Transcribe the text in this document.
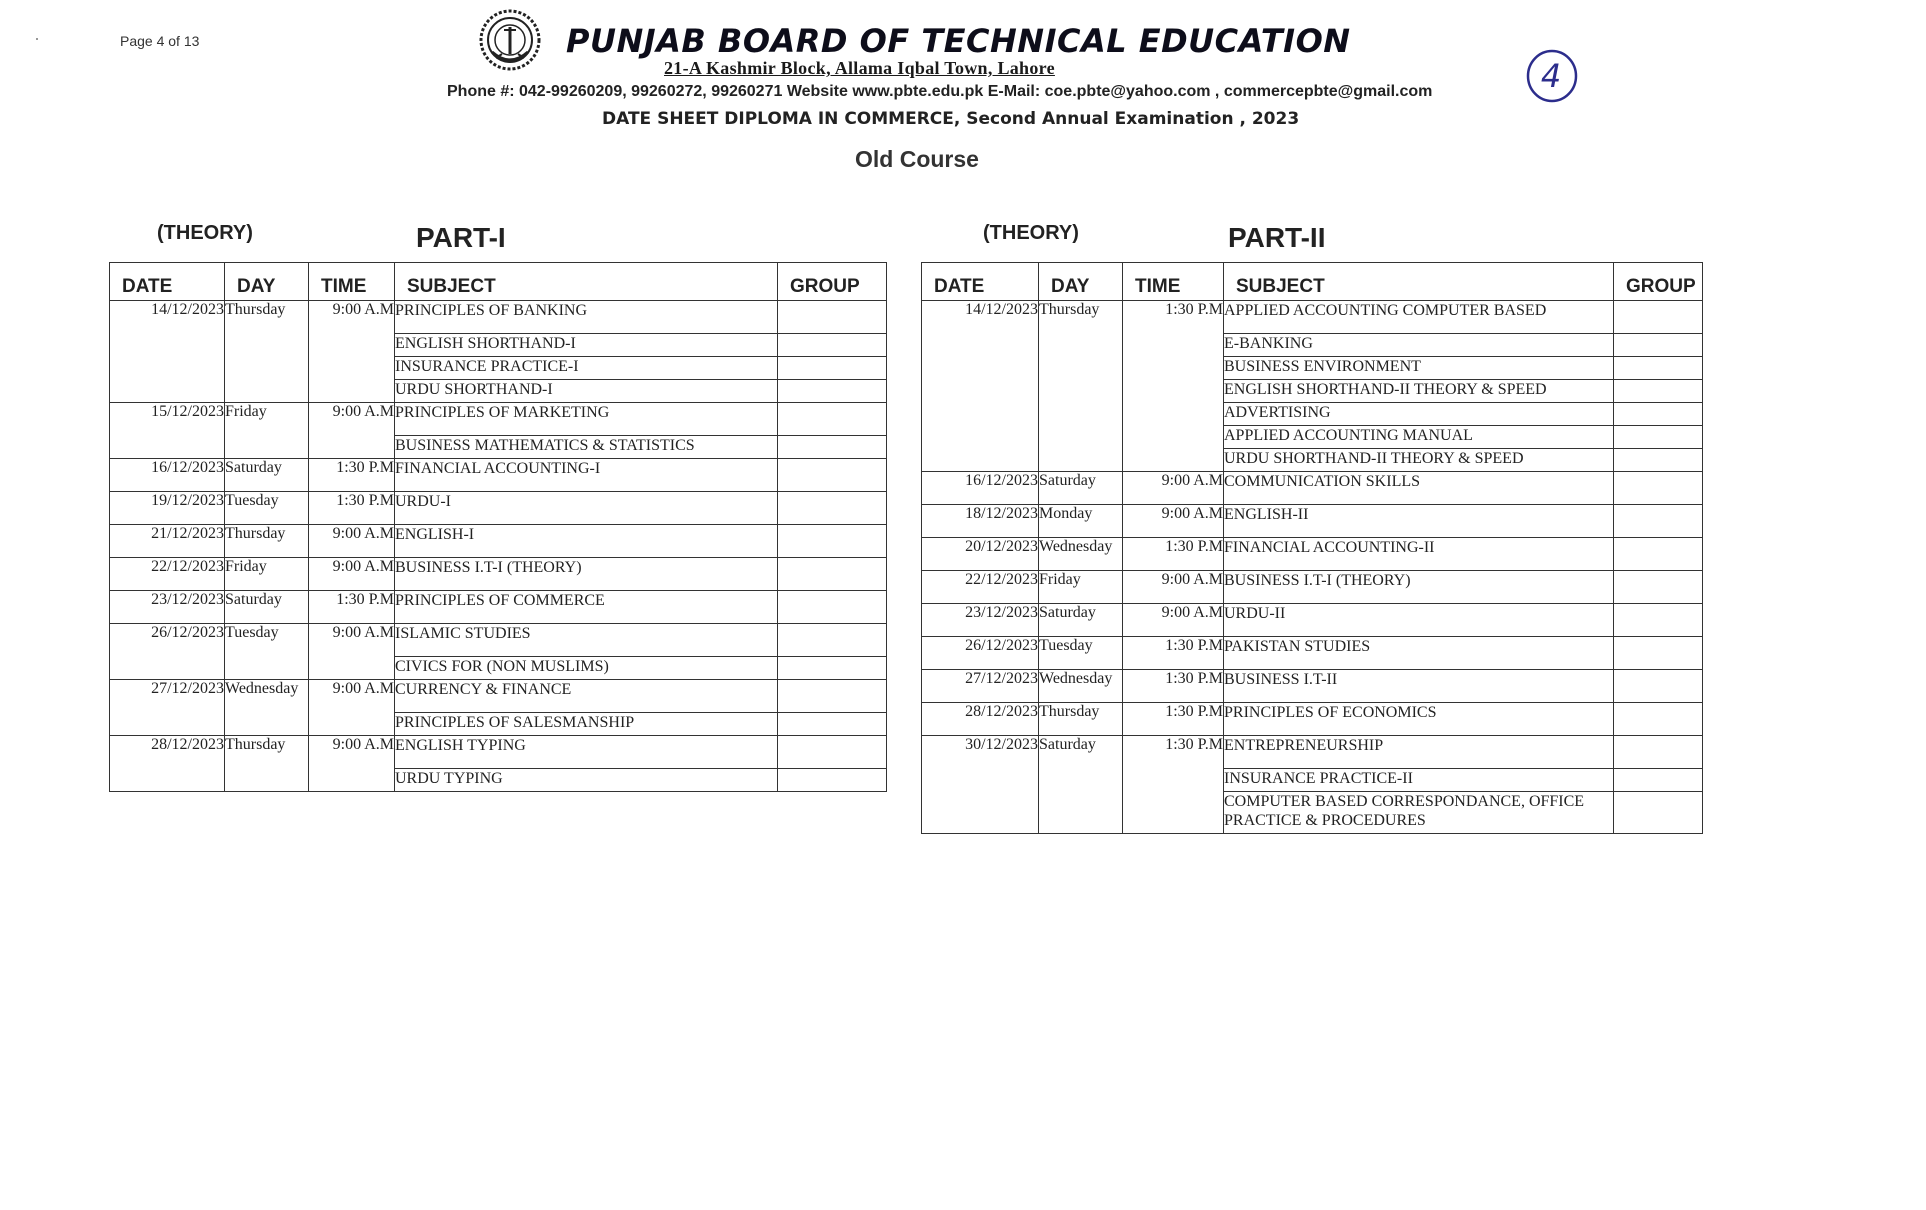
Page 4 of 13	PUNJAB BOARD OF TECHNICAL EDUCATION
21-A Kashmir Block, Allama Iqbal Town, Lahore
Phone #: 042-99260209, 99260272, 99260271 Website www.pbte.edu.pk E-Mail: coe.pbte@yahoo.com , commercepbte@gmail.com
DATE SHEET DIPLOMA IN COMMERCE, Second Annual Examination , 2023
Old Course
4
(THEORY)	PART-I	(THEORY)	PART-II
DATE	DAY	TIME	SUBJECT	GROUP
14/12/2023	Thursday	9:00 A.M	PRINCIPLES OF BANKING	
			ENGLISH SHORTHAND-I	
			INSURANCE PRACTICE-I	
			URDU SHORTHAND-I	
15/12/2023	Friday	9:00 A.M	PRINCIPLES OF MARKETING	
			BUSINESS MATHEMATICS & STATISTICS	
16/12/2023	Saturday	1:30 P.M	FINANCIAL ACCOUNTING-I	
19/12/2023	Tuesday	1:30 P.M	URDU-I	
21/12/2023	Thursday	9:00 A.M	ENGLISH-I	
22/12/2023	Friday	9:00 A.M	BUSINESS I.T-I (THEORY)	
23/12/2023	Saturday	1:30 P.M	PRINCIPLES OF COMMERCE	
26/12/2023	Tuesday	9:00 A.M	ISLAMIC STUDIES	
			CIVICS FOR (NON MUSLIMS)	
27/12/2023	Wednesday	9:00 A.M	CURRENCY & FINANCE	
			PRINCIPLES OF SALESMANSHIP	
28/12/2023	Thursday	9:00 A.M	ENGLISH TYPING	
			URDU TYPING	
DATE	DAY	TIME	SUBJECT	GROUP
14/12/2023	Thursday	1:30 P.M	APPLIED ACCOUNTING COMPUTER BASED	
			E-BANKING	
			BUSINESS ENVIRONMENT	
			ENGLISH SHORTHAND-II THEORY & SPEED	
			ADVERTISING	
			APPLIED ACCOUNTING MANUAL	
			URDU SHORTHAND-II THEORY & SPEED	
16/12/2023	Saturday	9:00 A.M	COMMUNICATION SKILLS	
18/12/2023	Monday	9:00 A.M	ENGLISH-II	
20/12/2023	Wednesday	1:30 P.M	FINANCIAL ACCOUNTING-II	
22/12/2023	Friday	9:00 A.M	BUSINESS I.T-I (THEORY)	
23/12/2023	Saturday	9:00 A.M	URDU-II	
26/12/2023	Tuesday	1:30 P.M	PAKISTAN STUDIES	
27/12/2023	Wednesday	1:30 P.M	BUSINESS I.T-II	
28/12/2023	Thursday	1:30 P.M	PRINCIPLES OF ECONOMICS	
30/12/2023	Saturday	1:30 P.M	ENTREPRENEURSHIP	
			INSURANCE PRACTICE-II	
			COMPUTER BASED CORRESPONDANCE, OFFICE PRACTICE & PROCEDURES	
